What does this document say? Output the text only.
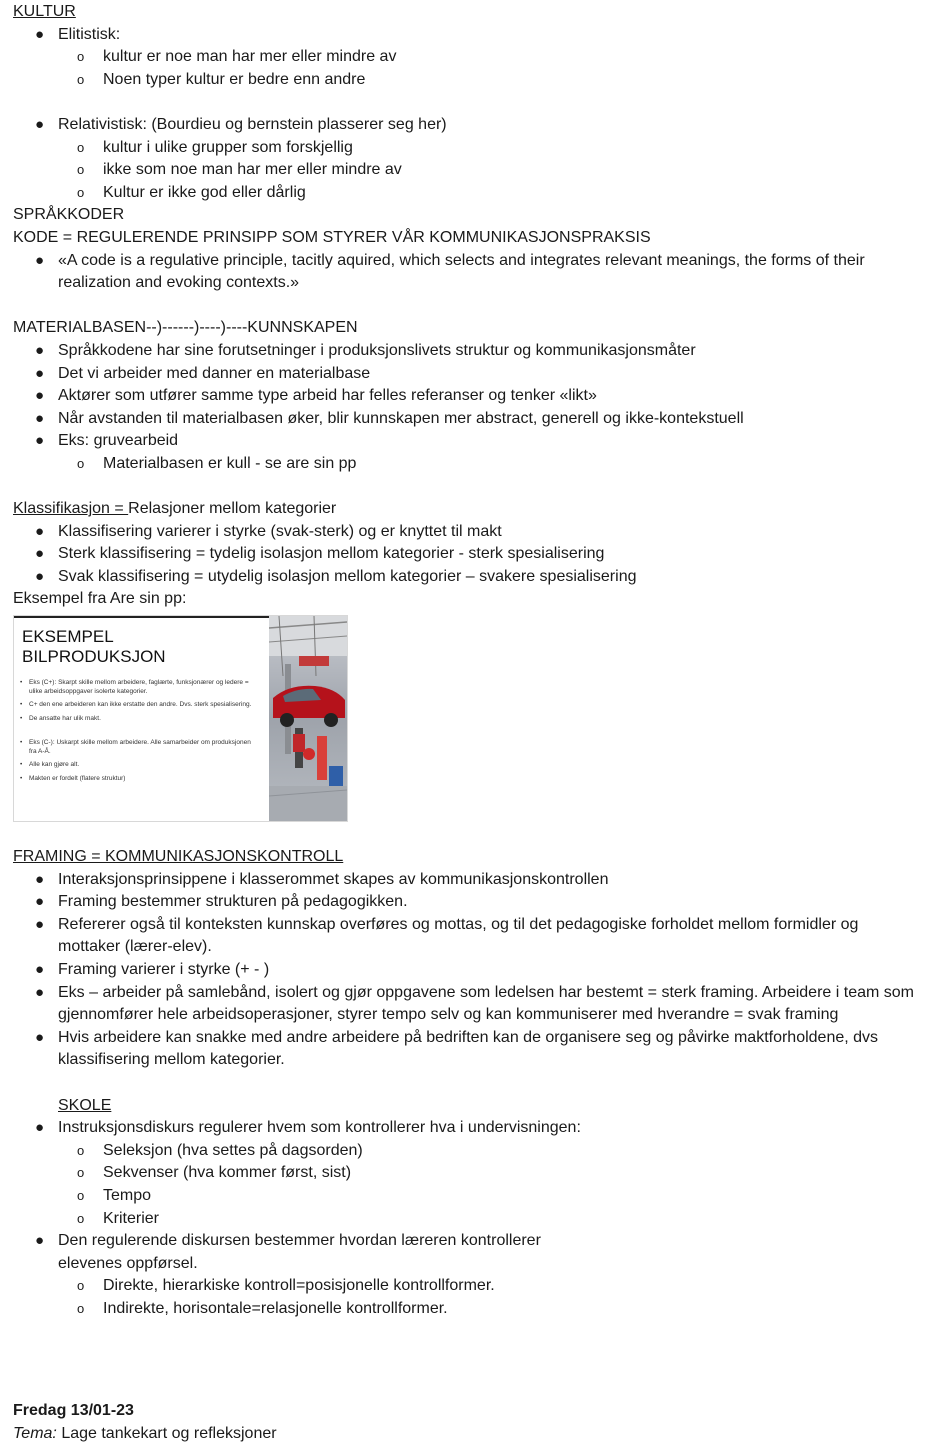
KULTUR
● Elitistisk:
o kultur er noe man har mer eller mindre av
o Noen typer kultur er bedre enn andre
● Relativistisk: (Bourdieu og bernstein plasserer seg her)
o kultur i ulike grupper som forskjellig
o ikke som noe man har mer eller mindre av
o Kultur er ikke god eller dårlig
SPRÅKKODER
KODE = REGULERENDE PRINSIPP SOM STYRER VÅR KOMMUNIKASJONSPRAKSIS
● «A code is a regulative principle, tacitly aquired, which selects and integrates relevant meanings, the forms of their realization and evoking contexts.»
MATERIALBASEN--)------)----)----KUNNSKAPEN
● Språkkodene har sine forutsetninger i produksjonslivets struktur og kommunikasjonsmåter
● Det vi arbeider med danner en materialbase
● Aktører som utfører samme type arbeid har felles referanser og tenker «likt»
● Når avstanden til materialbasen øker, blir kunnskapen mer abstract, generell og ikke-kontekstuell
● Eks: gruvearbeid
o Materialbasen er kull - se are sin pp
Klassifikasjon = Relasjoner mellom kategorier
● Klassifisering varierer i styrke (svak-sterk) og er knyttet til makt
● Sterk klassifisering = tydelig isolasjon mellom kategorier - sterk spesialisering
● Svak klassifisering = utydelig isolasjon mellom kategorier – svakere spesialisering
Eksempel fra Are sin pp:
EKSEMPEL
BILPRODUKSJON
• Eks (C+): Skarpt skille mellom arbeidere, faglærte, funksjonærer og ledere = ulike arbeidsoppgaver isolerte kategorier.
• C+ den ene arbeideren kan ikke erstatte den andre. Dvs. sterk spesialisering.
• De ansatte har ulik makt.
• Eks (C-): Uskarpt skille mellom arbeidere. Alle samarbeider om produksjonen fra A-Å.
• Alle kan gjøre alt.
• Makten er fordelt (flatere struktur)
FRAMING = KOMMUNIKASJONSKONTROLL
● Interaksjonsprinsippene i klasserommet skapes av kommunikasjonskontrollen
● Framing bestemmer strukturen på pedagogikken.
● Refererer også til konteksten kunnskap overføres og mottas, og til det pedagogiske forholdet mellom formidler og mottaker (lærer-elev).
● Framing varierer i styrke (+ - )
● Eks – arbeider på samlebånd, isolert og gjør oppgavene som ledelsen har bestemt = sterk framing. Arbeidere i team som gjennomfører hele arbeidsoperasjoner, styrer tempo selv og kan kommuniserer med hverandre = svak framing
● Hvis arbeidere kan snakke med andre arbeidere på bedriften kan de organisere seg og påvirke maktforholdene, dvs klassifisering mellom kategorier.
SKOLE
● Instruksjonsdiskurs regulerer hvem som kontrollerer hva i undervisningen:
o Seleksjon (hva settes på dagsorden)
o Sekvenser (hva kommer først, sist)
o Tempo
o Kriterier
● Den regulerende diskursen bestemmer hvordan læreren kontrollerer
elevenes oppførsel.
o Direkte, hierarkiske kontroll=posisjonelle kontrollformer.
o Indirekte, horisontale=relasjonelle kontrollformer.
Fredag 13/01-23
Tema: Lage tankekart og refleksjoner
